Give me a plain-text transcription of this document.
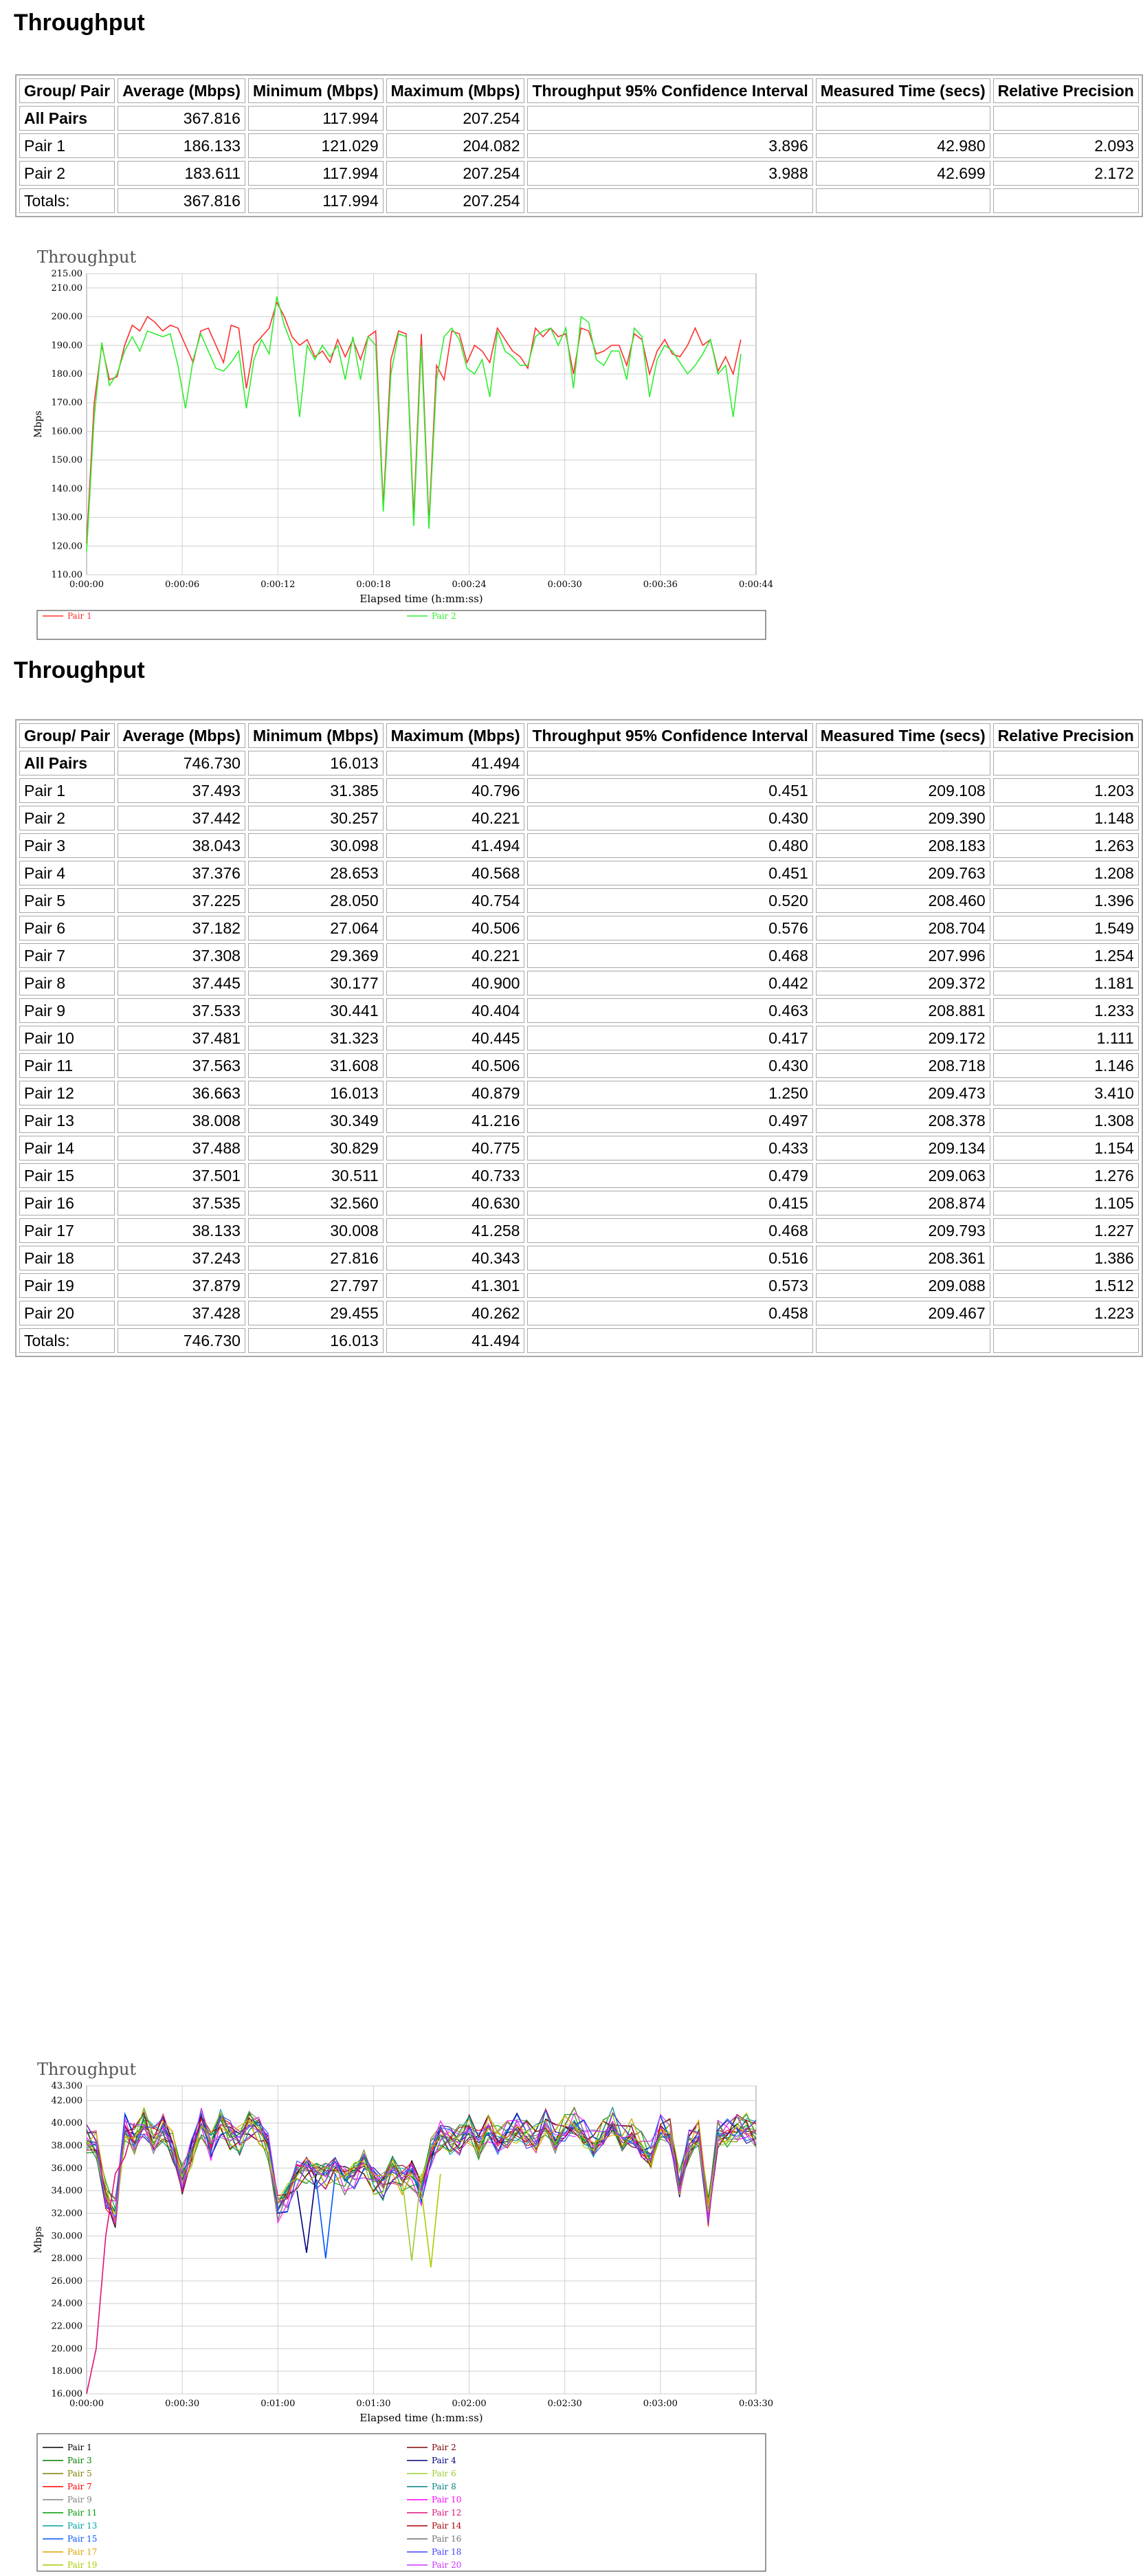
Throughput
Group/ Pair	Average (Mbps)	Minimum (Mbps)	Maximum (Mbps)	Throughput 95% Confidence Interval	Measured Time (secs)	Relative Precision
All Pairs	367.816	117.994	207.254			
Pair 1	186.133	121.029	204.082	3.896	42.980	2.093
Pair 2	183.611	117.994	207.254	3.988	42.699	2.172
Totals:	367.816	117.994	207.254			
Throughput
110.00
120.00
130.00
140.00
150.00
160.00
170.00
180.00
190.00
200.00
210.00
215.00
0:00:00	0:00:06	0:00:12	0:00:18	0:00:24	0:00:30	0:00:36	0:00:44
Elapsed time (h:mm:ss)
Mbps
Pair 1	Pair 2
Throughput
Group/ Pair	Average (Mbps)	Minimum (Mbps)	Maximum (Mbps)	Throughput 95% Confidence Interval	Measured Time (secs)	Relative Precision
All Pairs	746.730	16.013	41.494			
Pair 1	37.493	31.385	40.796	0.451	209.108	1.203
Pair 2	37.442	30.257	40.221	0.430	209.390	1.148
Pair 3	38.043	30.098	41.494	0.480	208.183	1.263
Pair 4	37.376	28.653	40.568	0.451	209.763	1.208
Pair 5	37.225	28.050	40.754	0.520	208.460	1.396
Pair 6	37.182	27.064	40.506	0.576	208.704	1.549
Pair 7	37.308	29.369	40.221	0.468	207.996	1.254
Pair 8	37.445	30.177	40.900	0.442	209.372	1.181
Pair 9	37.533	30.441	40.404	0.463	208.881	1.233
Pair 10	37.481	31.323	40.445	0.417	209.172	1.111
Pair 11	37.563	31.608	40.506	0.430	208.718	1.146
Pair 12	36.663	16.013	40.879	1.250	209.473	3.410
Pair 13	38.008	30.349	41.216	0.497	208.378	1.308
Pair 14	37.488	30.829	40.775	0.433	209.134	1.154
Pair 15	37.501	30.511	40.733	0.479	209.063	1.276
Pair 16	37.535	32.560	40.630	0.415	208.874	1.105
Pair 17	38.133	30.008	41.258	0.468	209.793	1.227
Pair 18	37.243	27.816	40.343	0.516	208.361	1.386
Pair 19	37.879	27.797	41.301	0.573	209.088	1.512
Pair 20	37.428	29.455	40.262	0.458	209.467	1.223
Totals:	746.730	16.013	41.494			
Throughput
16.000
18.000
20.000
22.000
24.000
26.000
28.000
30.000
32.000
34.000
36.000
38.000
40.000
42.000
43.300
0:00:00	0:00:30	0:01:00	0:01:30	0:02:00	0:02:30	0:03:00	0:03:30
Elapsed time (h:mm:ss)
Mbps
Pair 1	Pair 2
Pair 3	Pair 4
Pair 5	Pair 6
Pair 7	Pair 8
Pair 9	Pair 10
Pair 11	Pair 12
Pair 13	Pair 14
Pair 15	Pair 16
Pair 17	Pair 18
Pair 19	Pair 20
